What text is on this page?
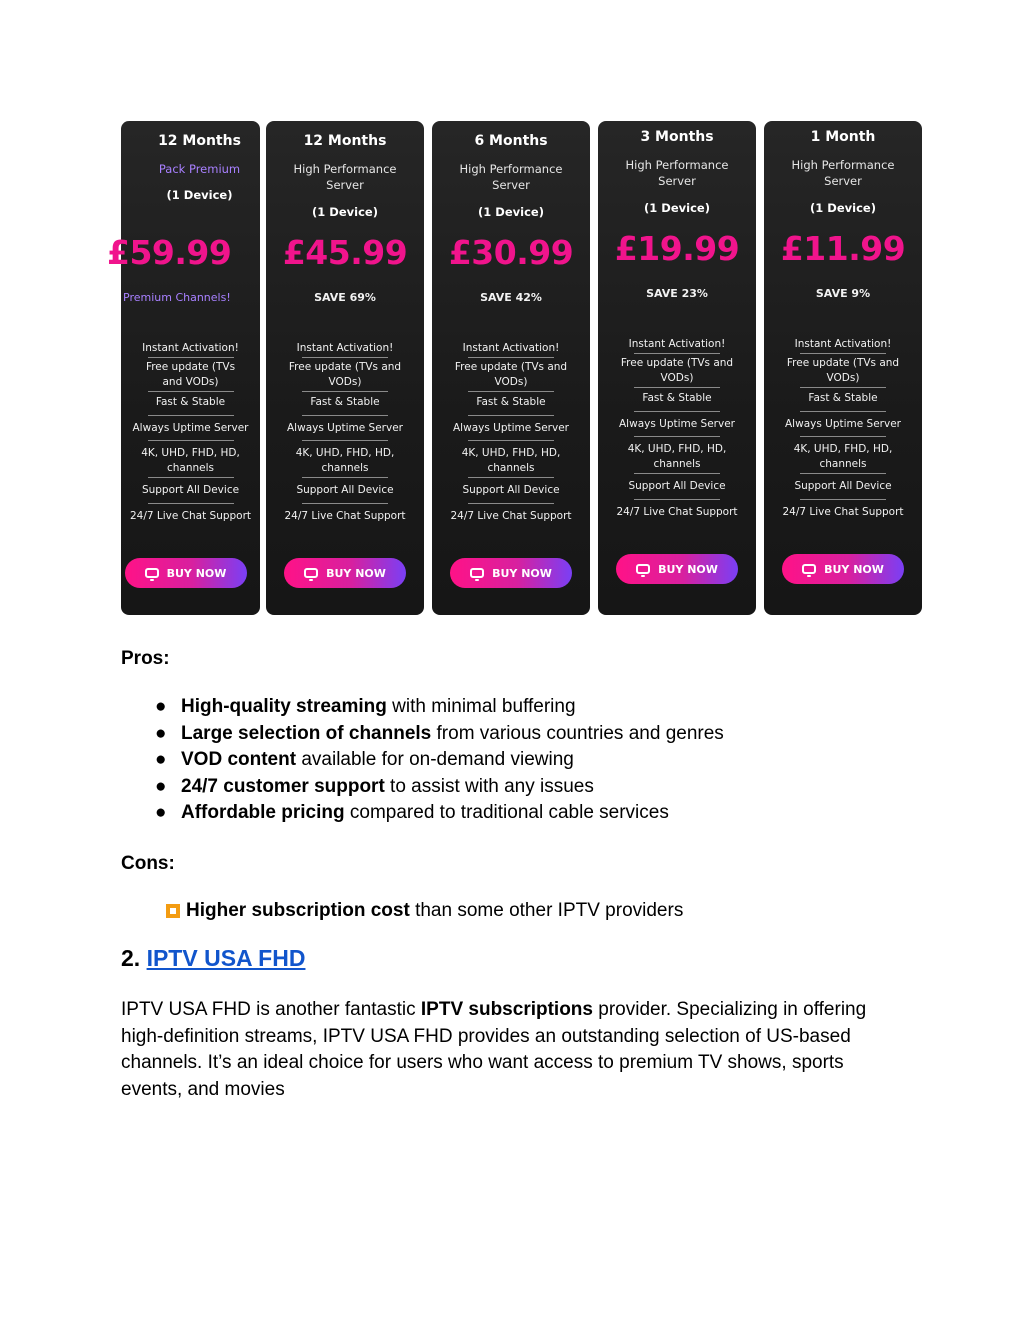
12 Months
Pack Premium
(1 Device)
£59.99
Premium Channels!
Instant Activation!
Free update (TVs and VODs)
Fast & Stable
Always Uptime Server
4K, UHD, FHD, HD, channels
Support All Device
24/7 Live Chat Support
BUY NOW
12 Months
High Performance
Server
(1 Device)
£45.99
SAVE 69%
Instant Activation!
Free update (TVs and VODs)
Fast & Stable
Always Uptime Server
4K, UHD, FHD, HD, channels
Support All Device
24/7 Live Chat Support
BUY NOW
6 Months
High Performance
Server
(1 Device)
£30.99
SAVE 42%
Instant Activation!
Free update (TVs and VODs)
Fast & Stable
Always Uptime Server
4K, UHD, FHD, HD, channels
Support All Device
24/7 Live Chat Support
BUY NOW
3 Months
High Performance
Server
(1 Device)
£19.99
SAVE 23%
Instant Activation!
Free update (TVs and VODs)
Fast & Stable
Always Uptime Server
4K, UHD, FHD, HD, channels
Support All Device
24/7 Live Chat Support
BUY NOW
1 Month
High Performance
Server
(1 Device)
£11.99
SAVE 9%
Instant Activation!
Free update (TVs and VODs)
Fast & Stable
Always Uptime Server
4K, UHD, FHD, HD, channels
Support All Device
24/7 Live Chat Support
BUY NOW
Pros:
● High-quality streaming with minimal buffering
● Large selection of channels from various countries and genres
● VOD content available for on-demand viewing
● 24/7 customer support to assist with any issues
● Affordable pricing compared to traditional cable services
Cons:
Higher subscription cost than some other IPTV providers
2. IPTV USA FHD
IPTV USA FHD is another fantastic IPTV subscriptions provider. Specializing in offering high-definition streams, IPTV USA FHD provides an outstanding selection of US-based channels. It’s an ideal choice for users who want access to premium TV shows, sports events, and movies
